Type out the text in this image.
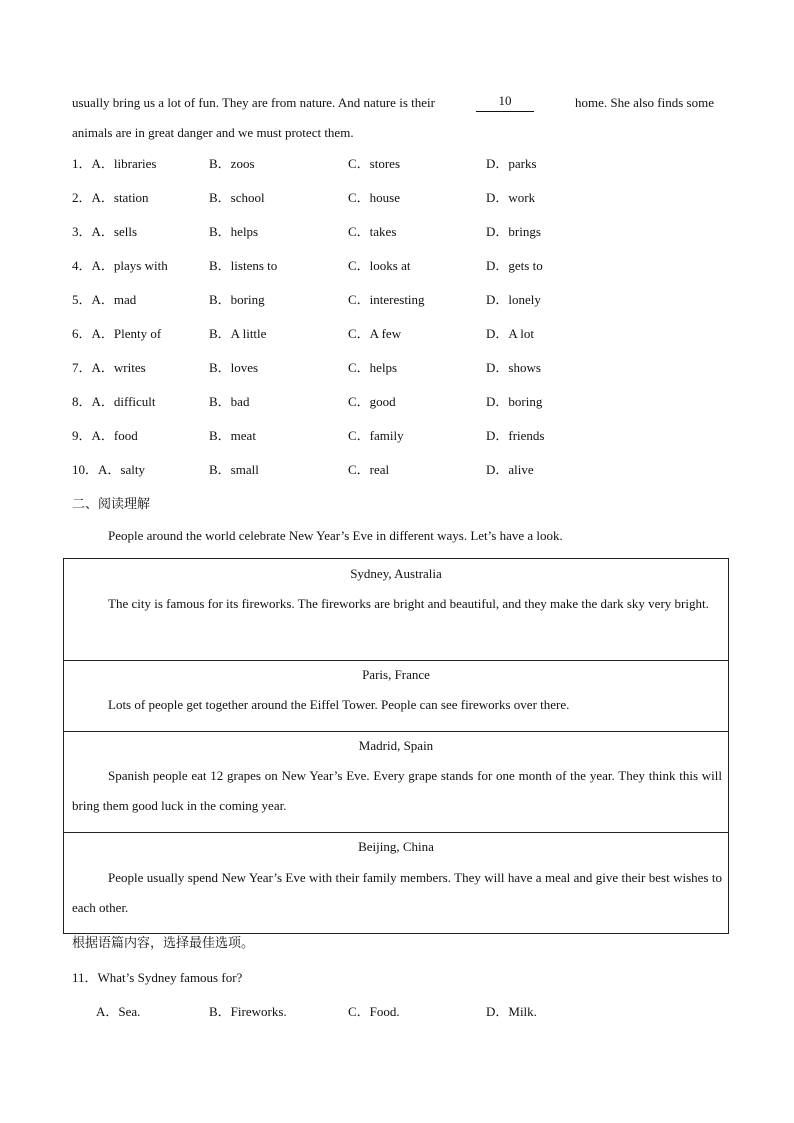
usually bring us a lot of fun. They are from nature. And nature is their	10	home. She also finds some
animals are in great danger and we must protect them.
1．A．libraries	B．zoos	C．stores	D．parks
2．A．station	B．school	C．house	D．work
3．A．sells	B．helps	C．takes	D．brings
4．A．plays with	B．listens to	C．looks at	D．gets to
5．A．mad	B．boring	C．interesting	D．lonely
6．A．Plenty of	B．A little	C．A few	D．A lot
7．A．writes	B．loves	C．helps	D．shows
8．A．difficult	B．bad	C．good	D．boring
9．A．food	B．meat	C．family	D．friends
10．A．salty	B．small	C．real	D．alive
二、阅读理解
People around the world celebrate New Year’s Eve in different ways. Let’s have a look.
Sydney, Australia
The city is famous for its fireworks. The fireworks are bright and beautiful, and they make the dark sky very bright.
Paris, France
Lots of people get together around the Eiffel Tower. People can see fireworks over there.
Madrid, Spain
Spanish people eat 12 grapes on New Year’s Eve. Every grape stands for one month of the year. They think this will bring them good luck in the coming year.
Beijing, China
People usually spend New Year’s Eve with their family members. They will have a meal and give their best wishes to each other.
根据语篇内容，选择最佳选项。
11．What’s Sydney famous for?
A．Sea.	B．Fireworks.	C．Food.	D．Milk.
